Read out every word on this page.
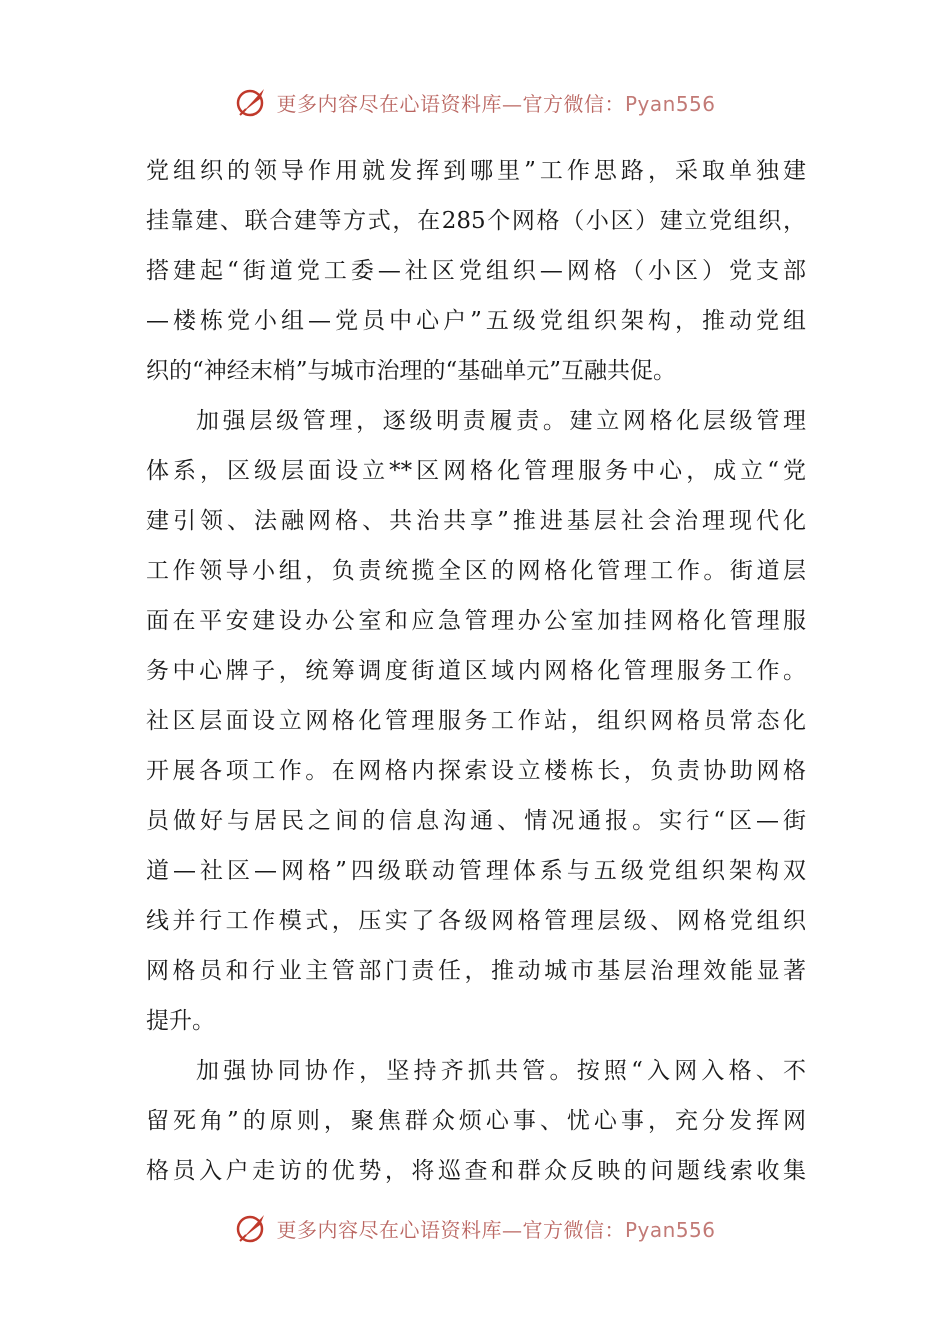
更多内容尽在心语资料库—官方微信：Pyan556
党组织的领导作用就发挥到哪里”工作思路，采取单独建
挂靠建、联合建等方式，在285个网格（小区）建立党组织，
搭建起“街道党工委—社区党组织—网格（小区）党支部
—楼栋党小组—党员中心户”五级党组织架构，推动党组
织的“神经末梢”与城市治理的“基础单元”互融共促。
加强层级管理，逐级明责履责。建立网格化层级管理
体系，区级层面设立**区网格化管理服务中心，成立“党
建引领、法融网格、共治共享”推进基层社会治理现代化
工作领导小组，负责统揽全区的网格化管理工作。街道层
面在平安建设办公室和应急管理办公室加挂网格化管理服
务中心牌子，统筹调度街道区域内网格化管理服务工作。
社区层面设立网格化管理服务工作站，组织网格员常态化
开展各项工作。在网格内探索设立楼栋长，负责协助网格
员做好与居民之间的信息沟通、情况通报。实行“区—街
道—社区—网格”四级联动管理体系与五级党组织架构双
线并行工作模式，压实了各级网格管理层级、网格党组织
网格员和行业主管部门责任，推动城市基层治理效能显著
提升。
加强协同协作，坚持齐抓共管。按照“入网入格、不
留死角”的原则，聚焦群众烦心事、忧心事，充分发挥网
格员入户走访的优势，将巡查和群众反映的问题线索收集
更多内容尽在心语资料库—官方微信：Pyan556
